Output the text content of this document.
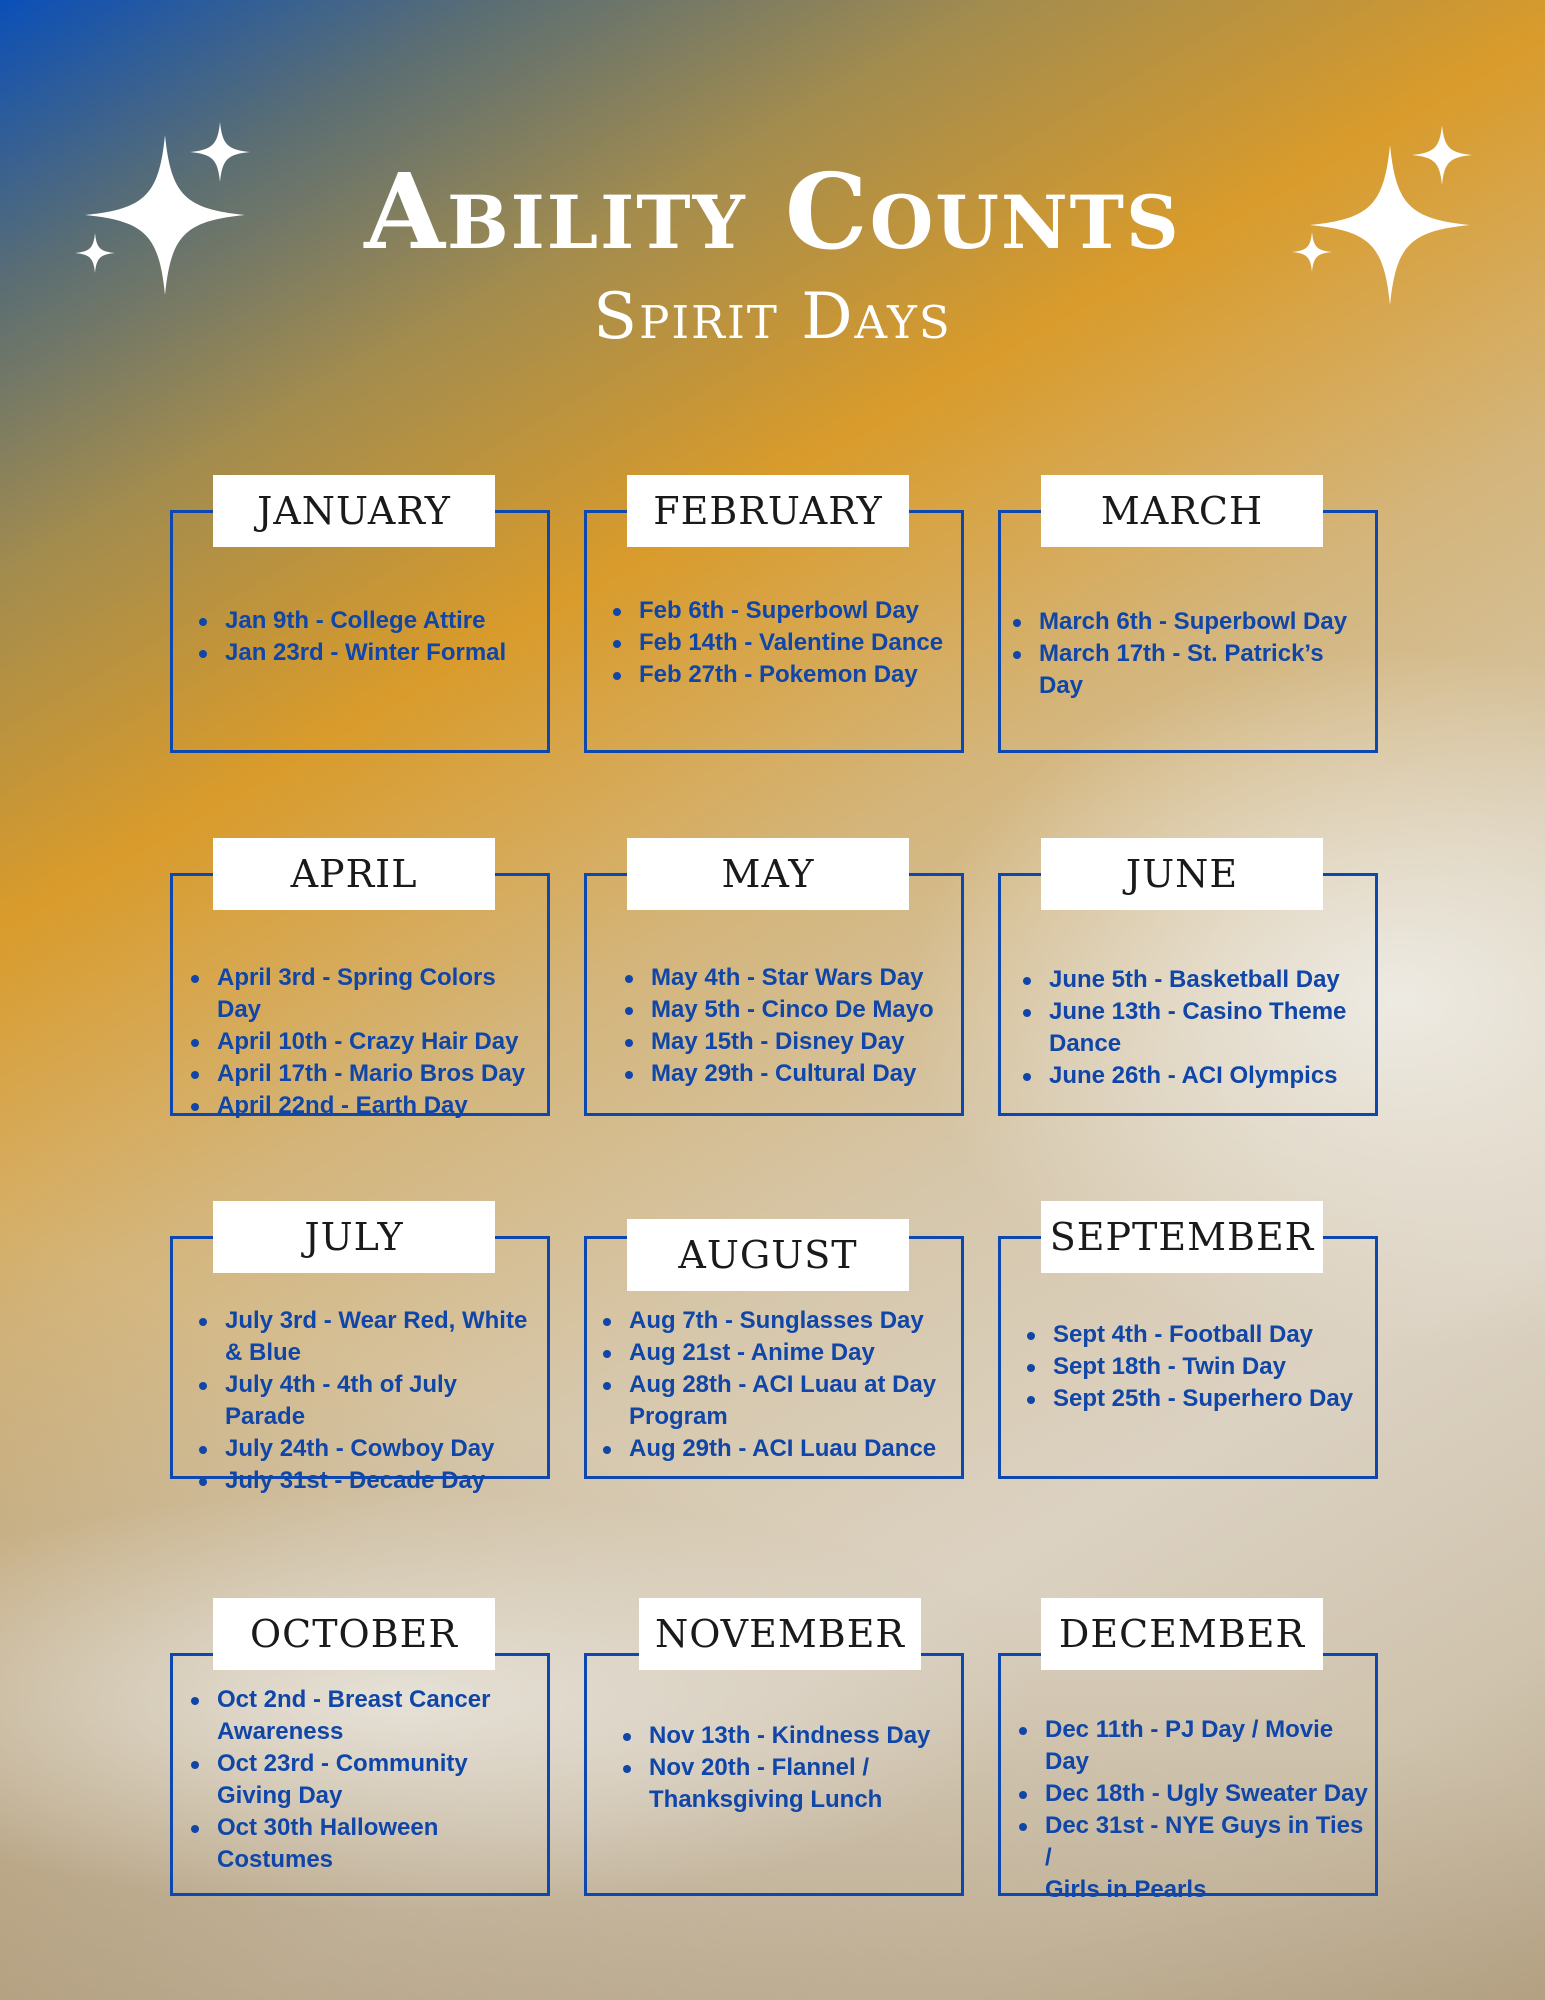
Ability Counts
Spirit Days
JANUARY
Jan 9th - College Attire
Jan 23rd - Winter Formal
FEBRUARY
Feb 6th - Superbowl Day
Feb 14th - Valentine Dance
Feb 27th - Pokemon Day
MARCH
March 6th - Superbowl Day
March 17th - St. Patrick’s Day
APRIL
April 3rd - Spring Colors Day
April 10th - Crazy Hair Day
April 17th - Mario Bros Day
April 22nd - Earth Day
MAY
May 4th - Star Wars Day
May 5th - Cinco De Mayo
May 15th - Disney Day
May 29th - Cultural Day
JUNE
June 5th - Basketball Day
June 13th - Casino Theme Dance
June 26th - ACI Olympics
JULY
July 3rd - Wear Red, White & Blue
July 4th - 4th of July Parade
July 24th - Cowboy Day
July 31st - Decade Day
AUGUST
Aug 7th - Sunglasses Day
Aug 21st - Anime Day
Aug 28th - ACI Luau at Day Program
Aug 29th - ACI Luau Dance
SEPTEMBER
Sept 4th - Football Day
Sept 18th - Twin Day
Sept 25th - Superhero Day
OCTOBER
Oct 2nd - Breast Cancer Awareness
Oct 23rd - Community Giving Day
Oct 30th Halloween Costumes
NOVEMBER
Nov 13th - Kindness Day
Nov 20th - Flannel / Thanksgiving Lunch
DECEMBER
Dec 11th - PJ Day / Movie Day
Dec 18th - Ugly Sweater Day
Dec 31st - NYE Guys in Ties /
Girls in Pearls
